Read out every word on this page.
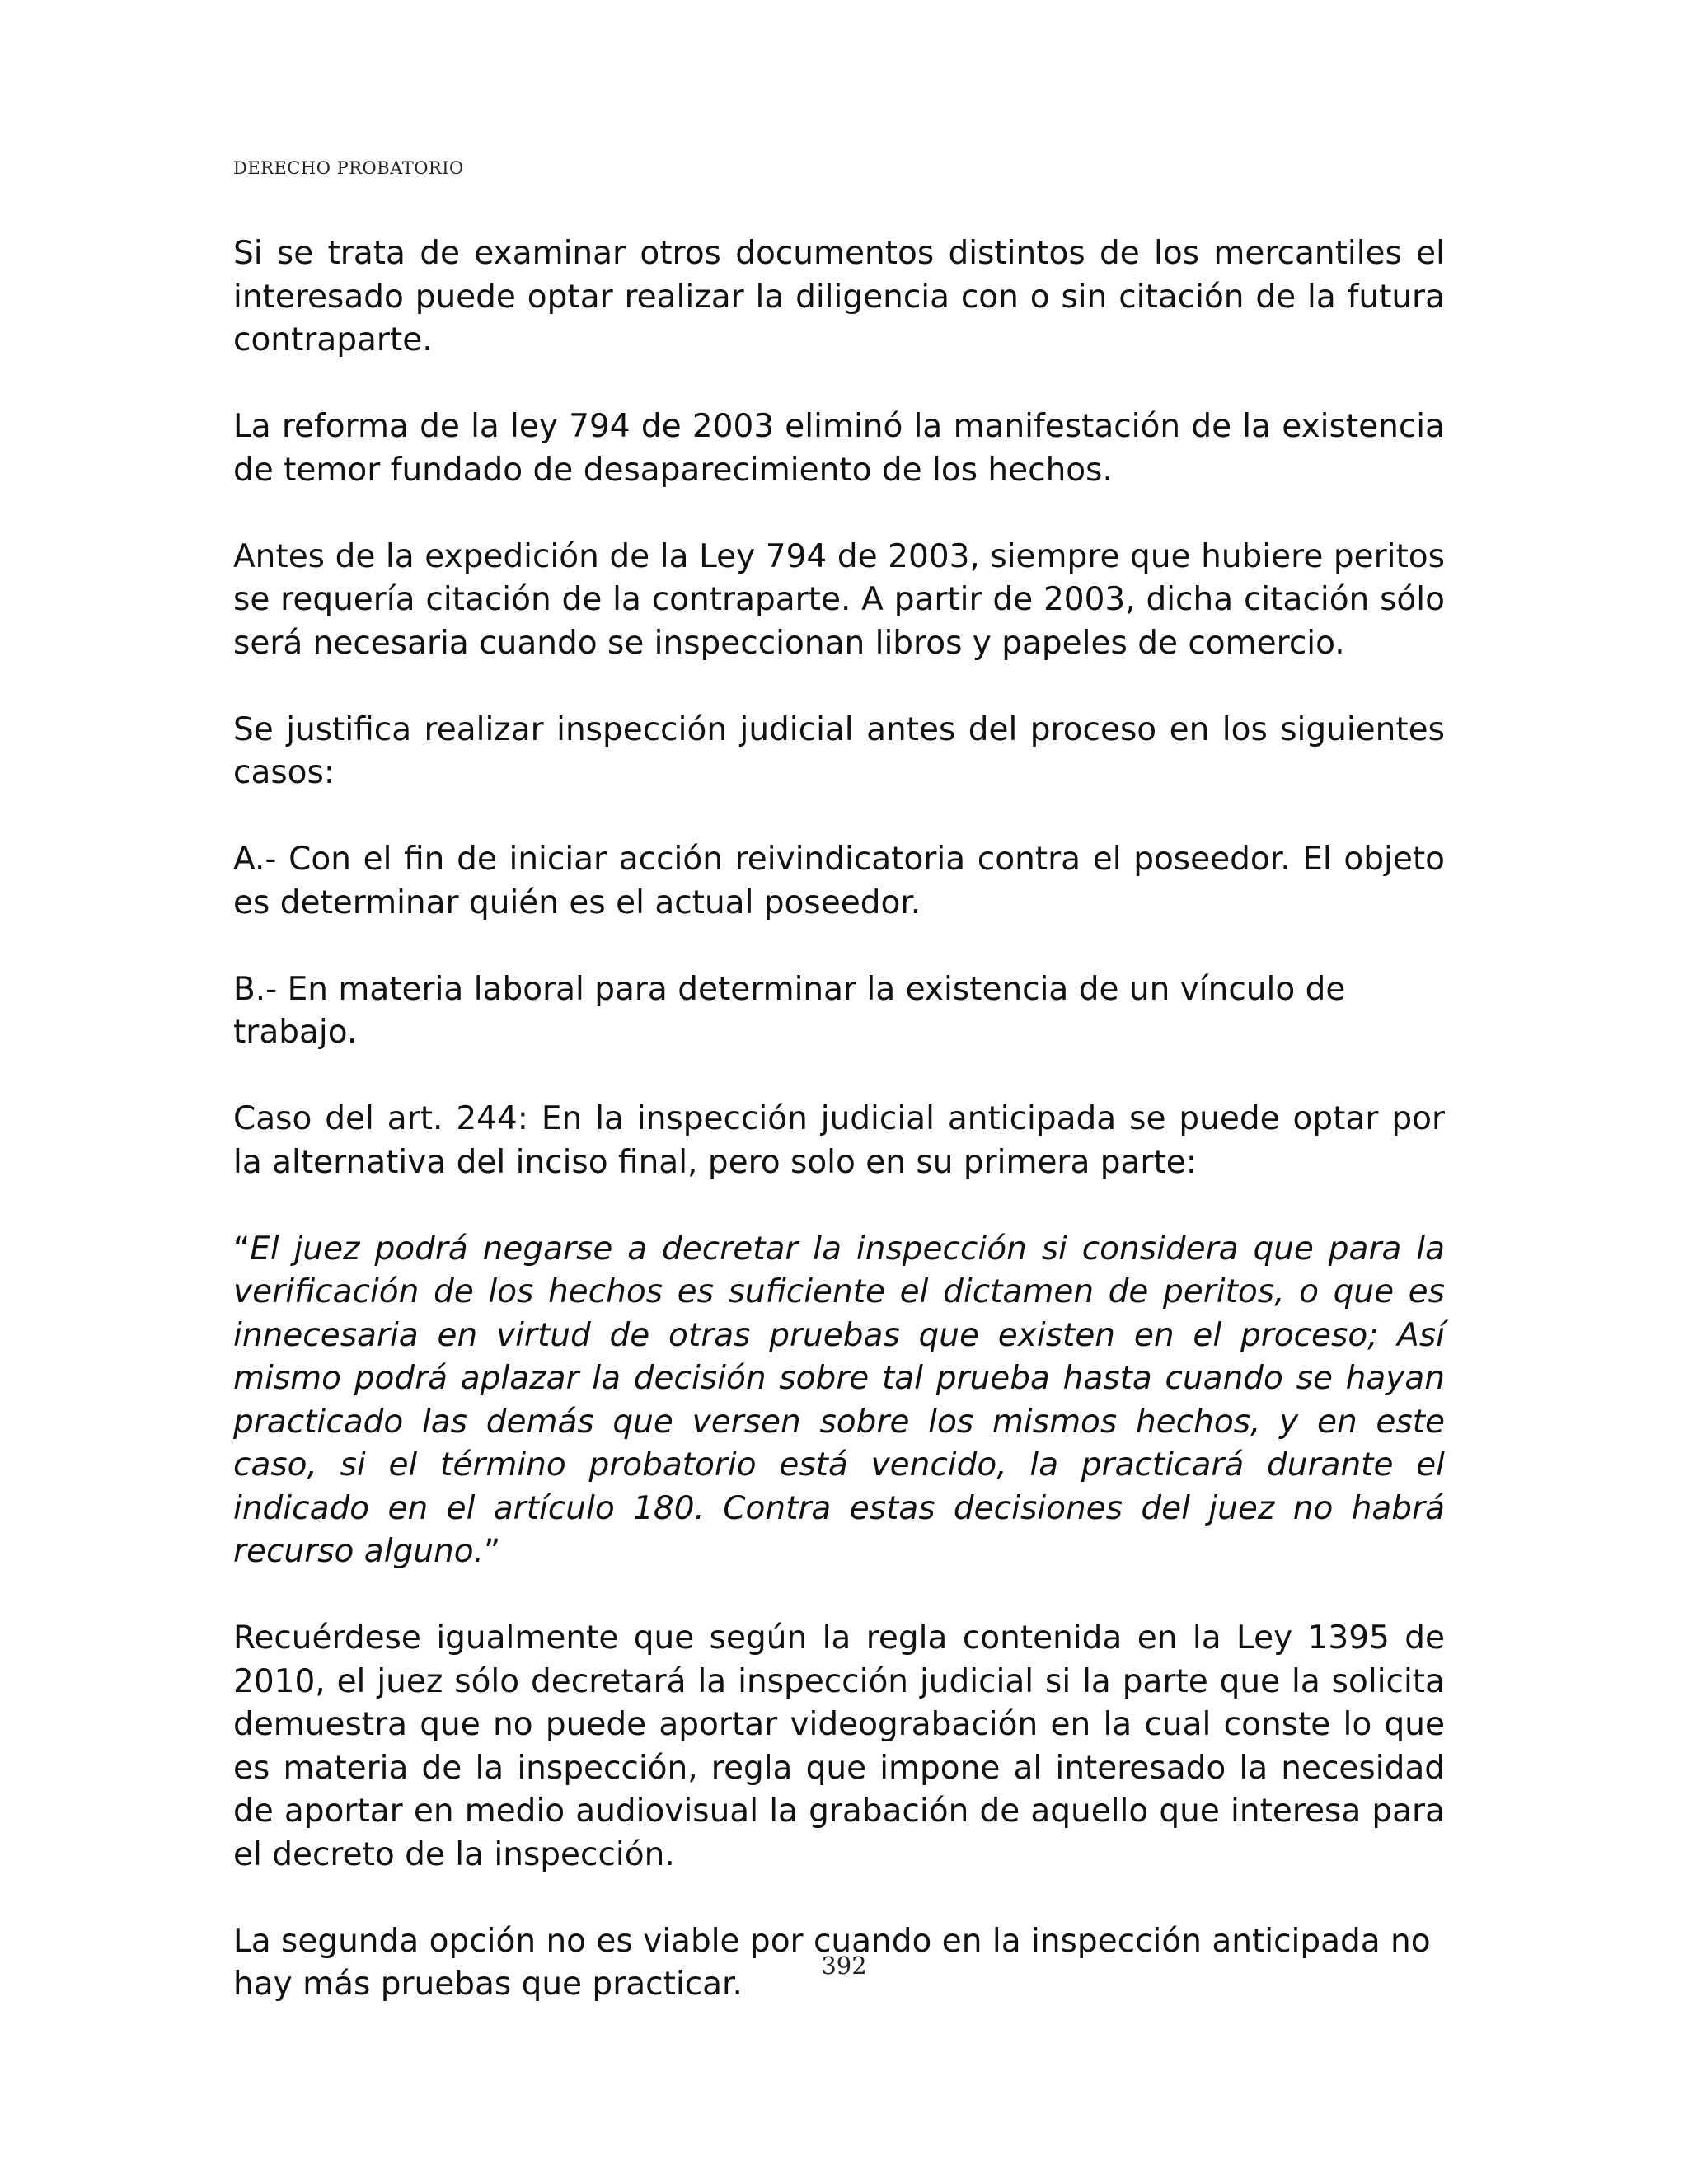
DERECHO PROBATORIO

Si se trata de examinar otros documentos distintos de los mercantiles el interesado puede optar realizar la diligencia con o sin citación de la futura contraparte.

La reforma de la ley 794 de 2003 eliminó la manifestación de la existencia de temor fundado de desaparecimiento de los hechos.

Antes de la expedición de la Ley 794 de 2003, siempre que hubiere peritos se requería citación de la contraparte. A partir de 2003, dicha citación sólo será necesaria cuando se inspeccionan libros y papeles de comercio.

Se justifica realizar inspección judicial antes del proceso en los siguientes casos:

A.- Con el fin de iniciar acción reivindicatoria contra el poseedor. El objeto es determinar quién es el actual poseedor.

B.- En materia laboral para determinar la existencia de un vínculo de trabajo.

Caso del art. 244: En la inspección judicial anticipada se puede optar por la alternativa del inciso final, pero solo en su primera parte:

“El juez podrá negarse a decretar la inspección si considera que para la verificación de los hechos es suficiente el dictamen de peritos, o que es innecesaria en virtud de otras pruebas que existen en el proceso; Así mismo podrá aplazar la decisión sobre tal prueba hasta cuando se hayan practicado las demás que versen sobre los mismos hechos, y en este caso, si el término probatorio está vencido, la practicará durante el indicado en el artículo 180. Contra estas decisiones del juez no habrá recurso alguno.”

Recuérdese igualmente que según la regla contenida en la Ley 1395 de 2010, el juez sólo decretará la inspección judicial si la parte que la solicita demuestra que no puede aportar videograbación en la cual conste lo que es materia de la inspección, regla que impone al interesado la necesidad de aportar en medio audiovisual la grabación de aquello que interesa para el decreto de la inspección.

La segunda opción no es viable por cuando en la inspección anticipada no hay más pruebas que practicar.	392
